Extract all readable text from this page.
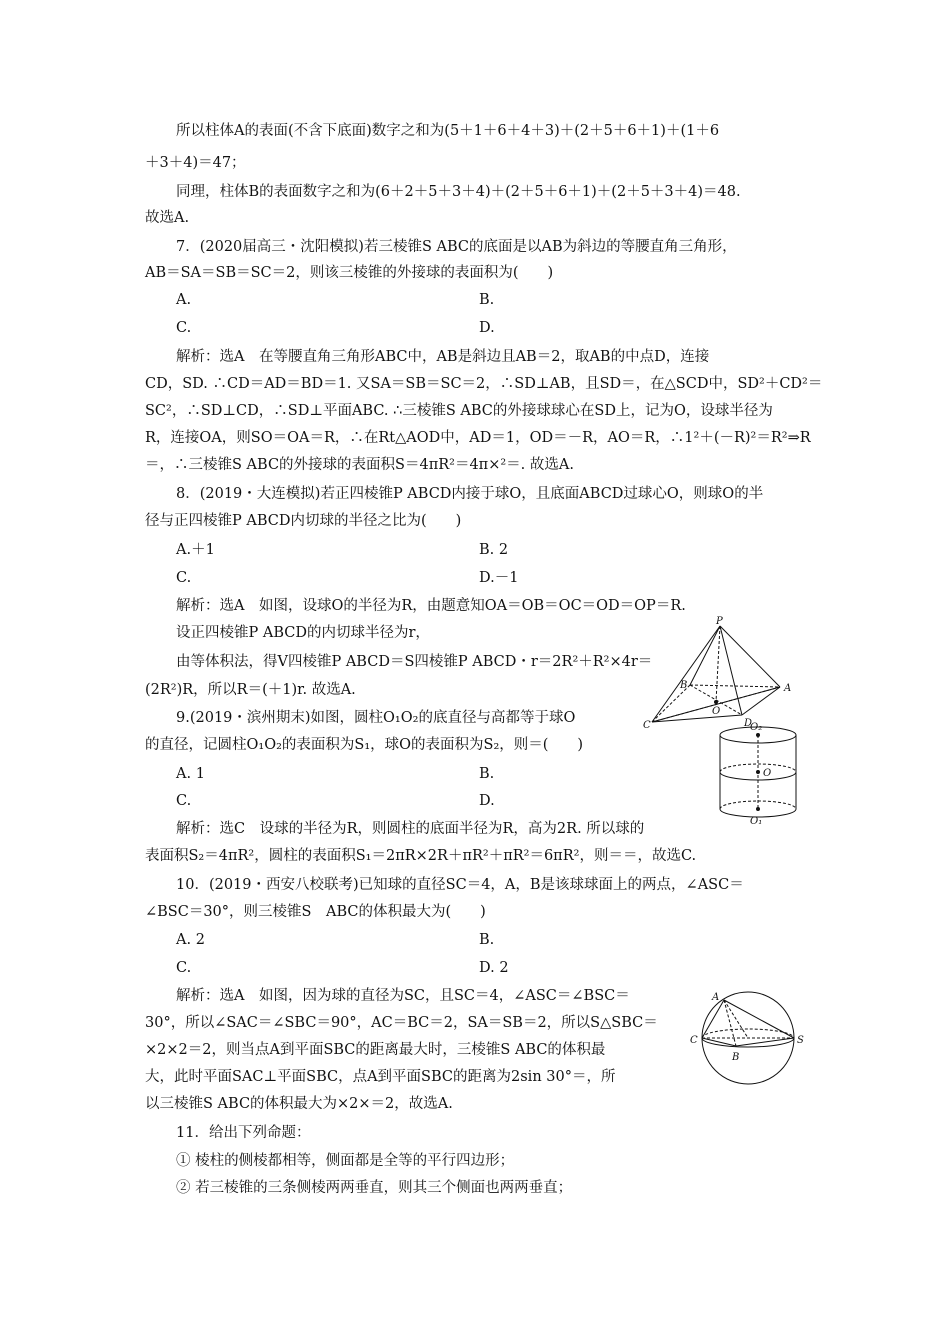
所以柱体A的表面(不含下底面)数字之和为(5＋1＋6＋4＋3)＋(2＋5＋6＋1)＋(1＋6
＋3＋4)＝47；
同理，柱体B的表面数字之和为(6＋2＋5＋3＋4)＋(2＋5＋6＋1)＋(2＋5＋3＋4)＝48.
故选A.
7．(2020届高三・沈阳模拟)若三棱锥S ABC的底面是以AB为斜边的等腰直角三角形，
AB＝SA＝SB＝SC＝2，则该三棱锥的外接球的表面积为(　　)
A.	B.
C.	D.
解析：选A　在等腰直角三角形ABC中，AB是斜边且AB＝2，取AB的中点D，连接
CD，SD. ∴CD＝AD＝BD＝1. 又SA＝SB＝SC＝2，∴SD⊥AB，且SD＝，在△SCD中，SD²＋CD²＝
SC²，∴SD⊥CD，∴SD⊥平面ABC. ∴三棱锥S ABC的外接球球心在SD上，记为O，设球半径为
R，连接OA，则SO＝OA＝R，∴在Rt△AOD中，AD＝1，OD＝－R，AO＝R，∴1²＋(－R)²＝R²⇒R
＝，∴三棱锥S ABC的外接球的表面积S＝4πR²＝4π×²＝. 故选A.
8．(2019・大连模拟)若正四棱锥P ABCD内接于球O，且底面ABCD过球心O，则球O的半
径与正四棱锥P ABCD内切球的半径之比为(　　)
A.＋1	B. 2
C.	D.－1
解析：选A　如图，设球O的半径为R，由题意知OA＝OB＝OC＝OD＝OP＝R.
设正四棱锥P ABCD的内切球半径为r，
由等体积法，得V四棱锥P ABCD＝S四棱锥P ABCD・r＝2R²＋R²×4r＝
(2R²)R，所以R＝(＋1)r. 故选A.
9.(2019・滨州期末)如图，圆柱O₁O₂的底直径与高都等于球O
的直径，记圆柱O₁O₂的表面积为S₁，球O的表面积为S₂，则＝(　　)
A. 1	B.
C.	D.
解析：选C　设球的半径为R，则圆柱的底面半径为R，高为2R. 所以球的
表面积S₂＝4πR²，圆柱的表面积S₁＝2πR×2R＋πR²＋πR²＝6πR²，则＝＝，故选C.
10．(2019・西安八校联考)已知球的直径SC＝4，A，B是该球球面上的两点，∠ASC＝
∠BSC＝30°，则三棱锥S　ABC的体积最大为(　　)
A. 2	B.
C.	D. 2
解析：选A　如图，因为球的直径为SC，且SC＝4，∠ASC＝∠BSC＝
30°，所以∠SAC＝∠SBC＝90°，AC＝BC＝2，SA＝SB＝2，所以S△SBC＝
×2×2＝2，则当点A到平面SBC的距离最大时，三棱锥S ABC的体积最
大，此时平面SAC⊥平面SBC，点A到平面SBC的距离为2sin 30°＝，所
以三棱锥S ABC的体积最大为×2×＝2，故选A.
11．给出下列命题：
① 棱柱的侧棱都相等，侧面都是全等的平行四边形；
② 若三棱锥的三条侧棱两两垂直，则其三个侧面也两两垂直；
P
B
D
A
O
C	O₂
O
O₁
A
C	S
B
